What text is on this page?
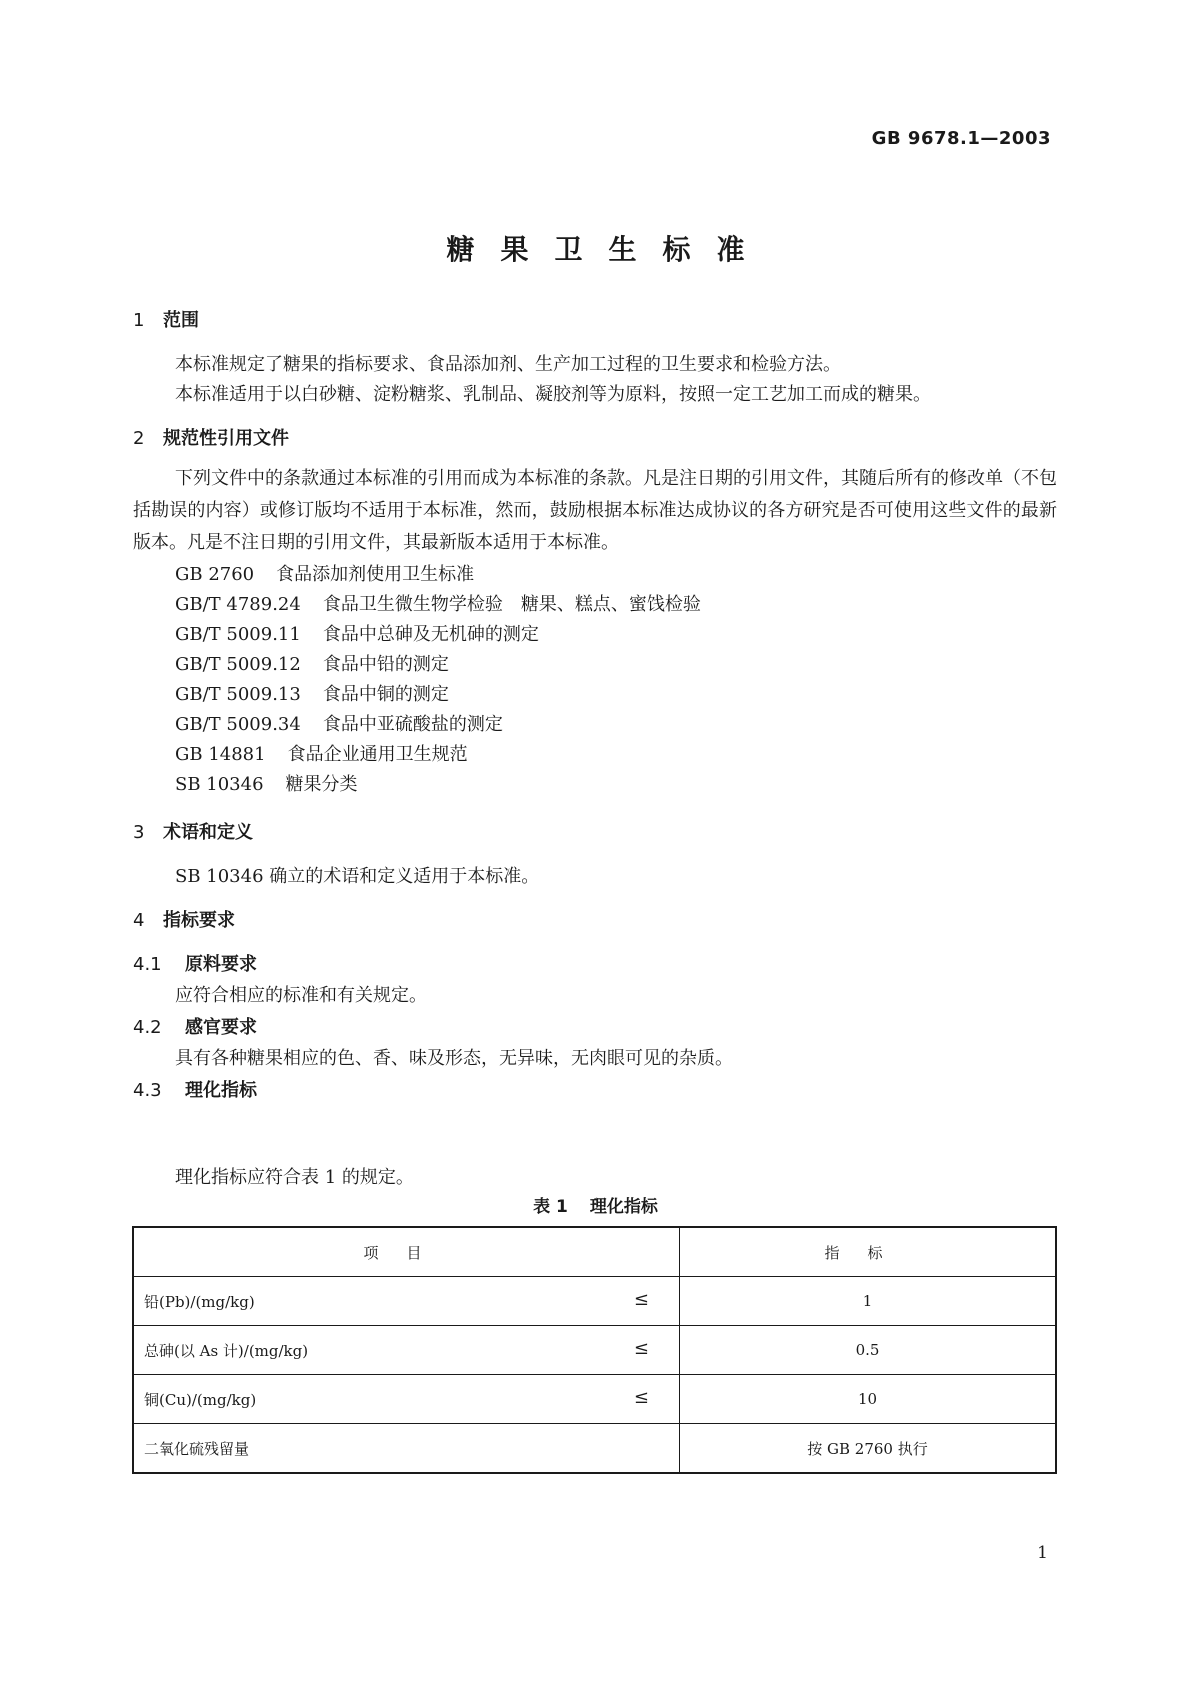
GB 9678.1—2003
糖果卫生标准
1 范围
本标准规定了糖果的指标要求、食品添加剂、生产加工过程的卫生要求和检验方法。
本标准适用于以白砂糖、淀粉糖浆、乳制品、凝胶剂等为原料，按照一定工艺加工而成的糖果。
2 规范性引用文件
下列文件中的条款通过本标准的引用而成为本标准的条款。凡是注日期的引用文件，其随后所有的修改单（不包括勘误的内容）或修订版均不适用于本标准，然而，鼓励根据本标准达成协议的各方研究是否可使用这些文件的最新版本。凡是不注日期的引用文件，其最新版本适用于本标准。
GB 2760 食品添加剂使用卫生标准
GB/T 4789.24 食品卫生微生物学检验　糖果、糕点、蜜饯检验
GB/T 5009.11 食品中总砷及无机砷的测定
GB/T 5009.12 食品中铅的测定
GB/T 5009.13 食品中铜的测定
GB/T 5009.34 食品中亚硫酸盐的测定
GB 14881 食品企业通用卫生规范
SB 10346 糖果分类
3 术语和定义
SB 10346 确立的术语和定义适用于本标准。
4 指标要求
4.1 原料要求
应符合相应的标准和有关规定。
4.2 感官要求
具有各种糖果相应的色、香、味及形态，无异味，无肉眼可见的杂质。
4.3 理化指标
理化指标应符合表 1 的规定。
表 1 理化指标
项目	指标
铅(Pb)/(mg/kg) ≤	1
总砷(以 As 计)/(mg/kg) ≤	0.5
铜(Cu)/(mg/kg) ≤	10
二氧化硫残留量	按 GB 2760 执行
1
